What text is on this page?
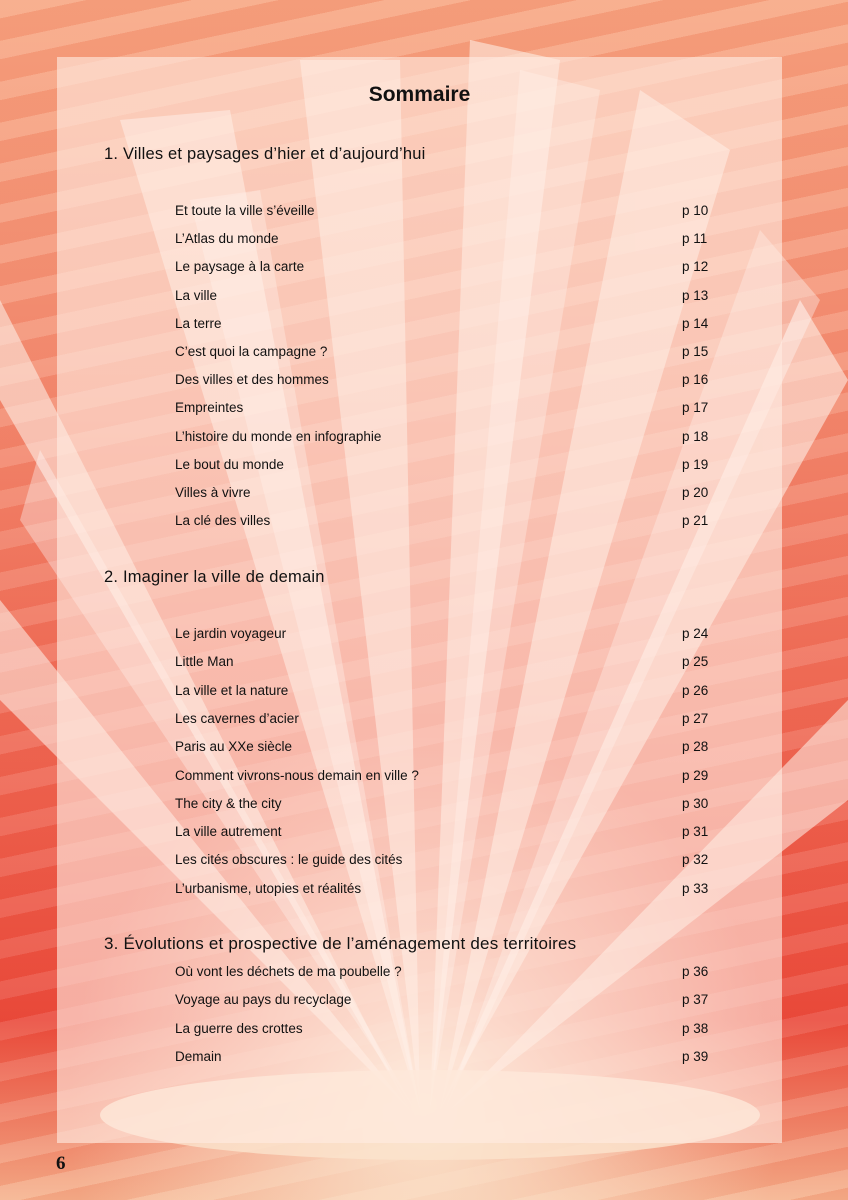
Sommaire
1. Villes et paysages d’hier et d’aujourd’hui
Et toute la ville s’éveille	p 10
L’Atlas du monde	p 11
Le paysage à la carte	p 12
La ville	p 13
La terre	p 14
C’est quoi la campagne ?	p 15
Des villes et des hommes	p 16
Empreintes	p 17
L’histoire du monde en infographie	p 18
Le bout du monde	p 19
Villes à vivre	p 20
La clé des villes	p 21
2. Imaginer la ville de demain
Le jardin voyageur	p 24
Little Man	p 25
La ville et la nature	p 26
Les cavernes d’acier	p 27
Paris au XXe siècle	p 28
Comment vivrons-nous demain en ville ?	p 29
The city & the city	p 30
La ville autrement	p 31
Les cités obscures : le guide des cités	p 32
L’urbanisme, utopies et réalités	p 33
3. Évolutions et prospective de l’aménagement des territoires
Où vont les déchets de ma poubelle ?	p 36
Voyage au pays du recyclage	p 37
La guerre des crottes	p 38
Demain	p 39
6
